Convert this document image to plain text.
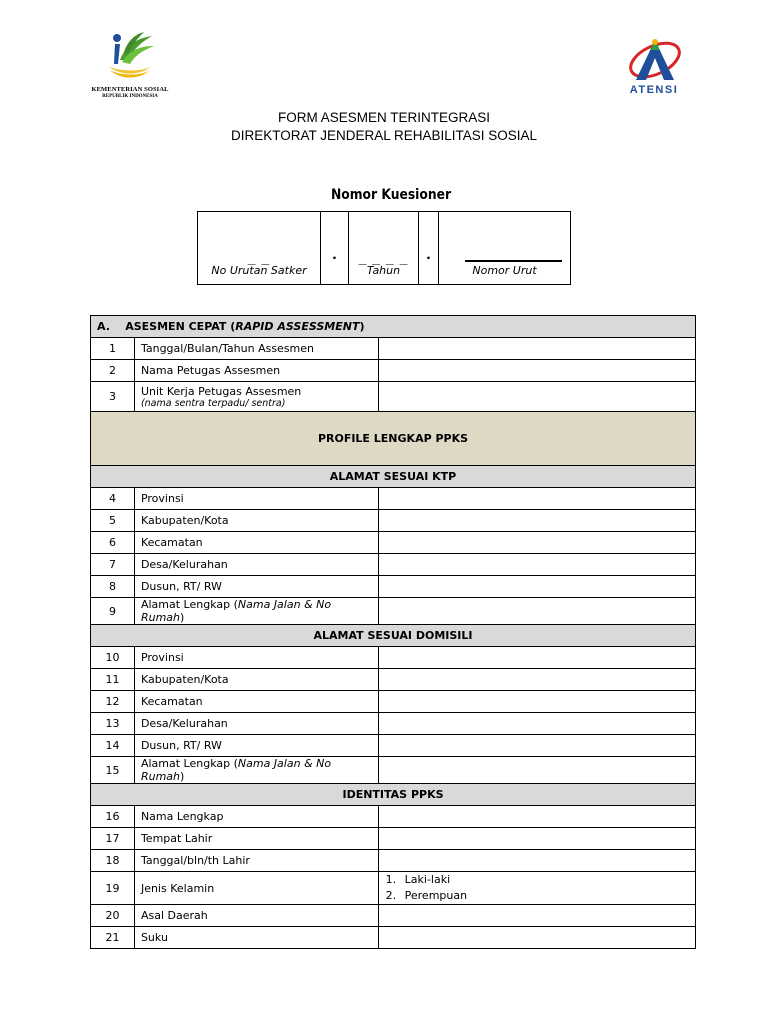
KEMENTERIAN SOSIAL
REPUBLIK INDONESIA
ATENSI
FORM ASESMEN TERINTEGRASI
DIREKTORAT JENDERAL REHABILITASI SOSIAL
Nomor Kuesioner
_ _
No Urutan Satker
.	_ _ _ _
Tahun
.
Nomor Urut
A. ASESMEN CEPAT (RAPID ASSESSMENT)		
1	Tanggal/Bulan/Tahun Assesmen	
2	Nama Petugas Assesmen	
3	Unit Kerja Petugas Assesmen
(nama sentra terpadu/ sentra)	

PROFILE LENGKAP PPKS		
ALAMAT SESUAI KTP		
4	Provinsi	
5	Kabupaten/Kota	
6	Kecamatan	
7	Desa/Kelurahan	
8	Dusun, RT/ RW	
9	Alamat Lengkap (Nama Jalan & No Rumah)	
ALAMAT SESUAI DOMISILI		
10	Provinsi	
11	Kabupaten/Kota	
12	Kecamatan	
13	Desa/Kelurahan	
14	Dusun, RT/ RW	
15	Alamat Lengkap (Nama Jalan & No Rumah)	
IDENTITAS PPKS		
16	Nama Lengkap	
17	Tempat Lahir	
18	Tanggal/bln/th Lahir	
19	Jenis Kelamin	1. Laki-laki
2. Perempuan

20	Asal Daerah	
21	Suku	
